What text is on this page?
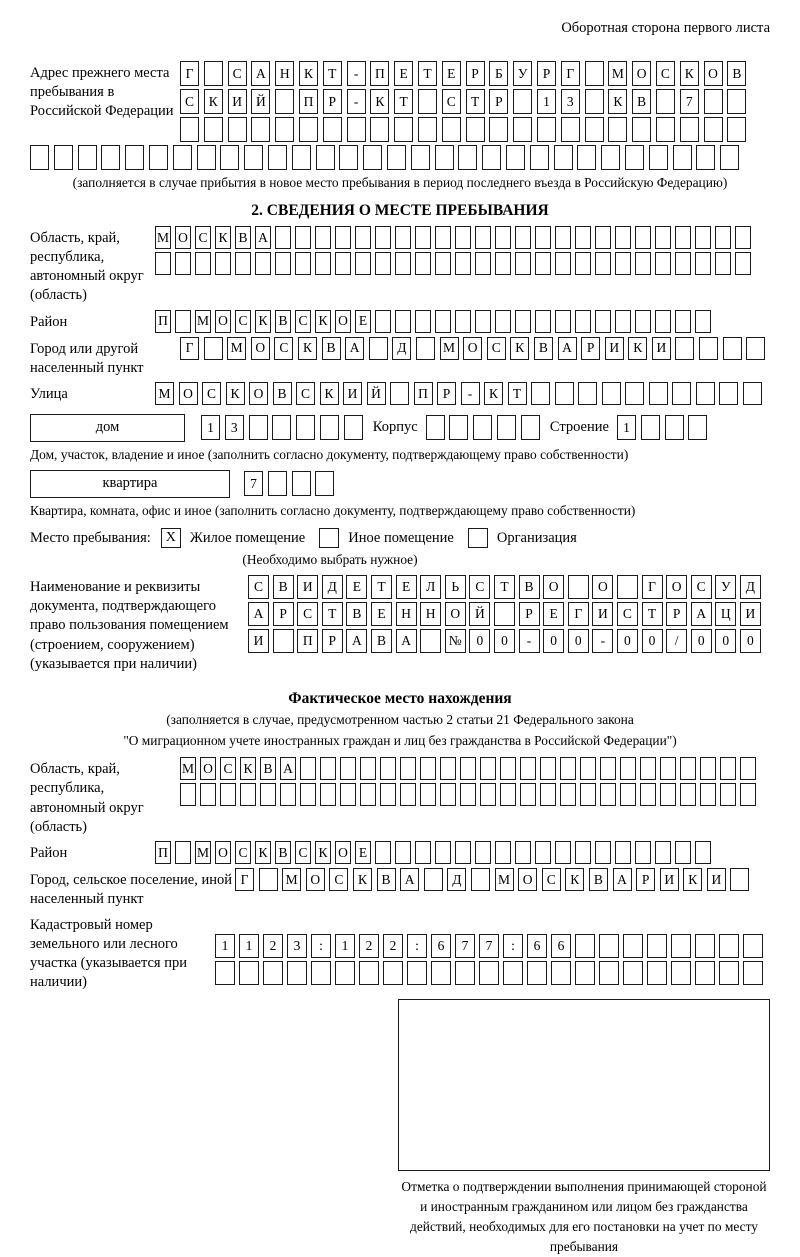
Оборотная сторона первого листа
Адрес прежнего места пребывания в Российской Федерации
Г	С	А	Н	К	Т	-	П	Е	Т	Е	Р	Б	У	Р	Г	М О	С	К	О	В
С	К	И	Й	П	Р	-	К	Т	С	Т	Р	1	3	К	В	7
(заполняется в случае прибытия в новое место пребывания в период последнего въезда в Российскую Федерацию)
2. СВЕДЕНИЯ О МЕСТЕ ПРЕБЫВАНИЯ
Область, край, республика, автономный округ (область)
М О С К В А
Район	П М О С К В С К О Е
Город или другой населенный пункт
Г	М О	С	К	В	А	Д	М О	С	К	В	А	Р	И	К	И
Улица	М О	С	К	О	В	С	К	И	Й	П	Р	-	К	Т
дом	1	3	Корпус	Строение	1
Дом, участок, владение и иное (заполнить согласно документу, подтверждающему право собственности)
квартира	7
Квартира, комната, офис и иное (заполнить согласно документу, подтверждающему право собственности)
Место пребывания:	X Жилое помещение	Иное помещение	Организация
(Необходимо выбрать нужное)
Наименование и реквизиты документа, подтверждающего право пользования помещением (строением, сооружением) (указывается при наличии)
С	В	И	Д	Е	Т	Е	Л	Ь	С	Т	В	О	О	Г	О	С	У	Д
А	Р	С	Т	В	Е	Н	Н	О	Й	Р	Е	Г	И	С	Т	Р	А	Ц	И
И	П	Р	А	В	А	№	0	0	-	0	0	-	0	0	/	0	0	0
Фактическое место нахождения
(заполняется в случае, предусмотренном частью 2 статьи 21 Федерального закона
"О миграционном учете иностранных граждан и лиц без гражданства в Российской Федерации")
Область, край, республика, автономный округ (область)
М О С К В А
Район	П М О С К В С К О Е
Город, сельское поселение, иной населенный пункт
Г	М О	С	К	В	А	Д	М О	С	К	В	А	Р	И	К	И
Кадастровый номер земельного или лесного участка (указывается при наличии)
1	1	2	3	:	1	2	2	:	6	7	7	:	6	6
Отметка о подтверждении выполнения принимающей стороной и иностранным гражданином или лицом без гражданства действий, необходимых для его постановки на учет по месту пребывания
